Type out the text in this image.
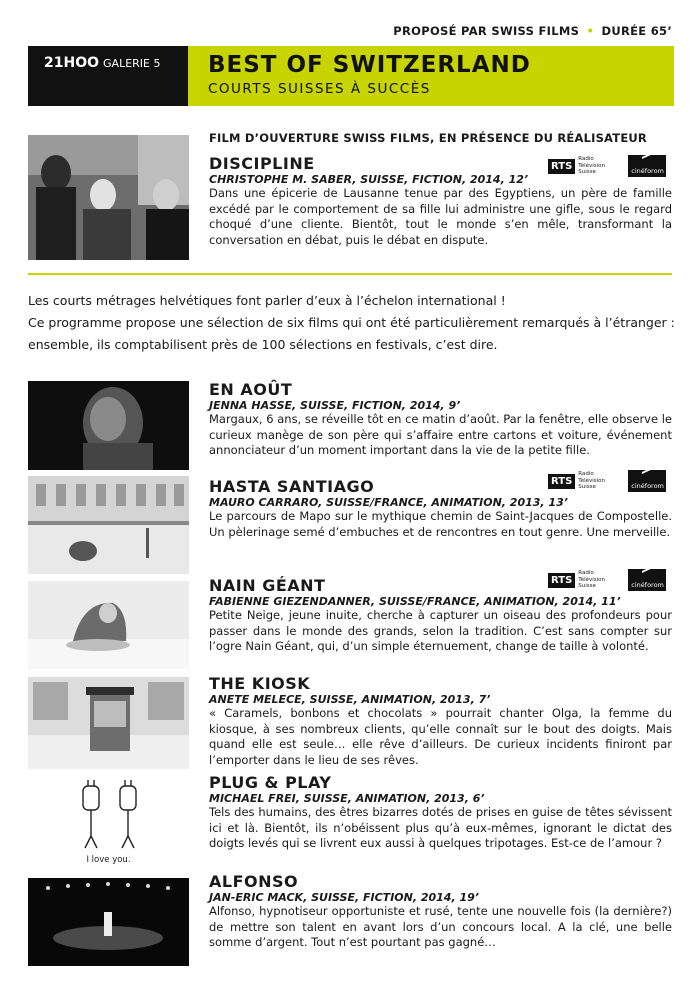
PROPOSÉ PAR SWISS FILMS • DURÉE 65’
21HOO GALERIE 5 BEST OF SWITZERLAND
COURTS SUISSES À SUCCÈS
FILM D’OUVERTURE SWISS FILMS, EN PRÉSENCE DU RÉALISATEUR
DISCIPLINE
CHRISTOPHE M. SABER, SUISSE, FICTION, 2014, 12’
Dans une épicerie de Lausanne tenue par des Egyptiens, un père de famille excédé par le comportement de sa fille lui administre une gifle, sous le regard choqué d’une cliente. Bientôt, tout le monde s’en mêle, transformant la conversation en débat, puis le débat en dispute.
RTS
Radio Télévision Suisse	cinéforom

Les courts métrages helvétiques font parler d’eux à l’échelon international !

Ce programme propose une sélection de six films qui ont été particulièrement remarqués à l’étranger : ensemble, ils comptabilisent près de 100 sélections en festivals, c’est dire.

I love you.
EN AOÛT
JENNA HASSE, SUISSE, FICTION, 2014, 9’
Margaux, 6 ans, se réveille tôt en ce matin d’août. Par la fenêtre, elle observe le curieux manège de son père qui s’affaire entre cartons et voiture, événement annonciateur d’un moment important dans la vie de la petite fille.
HASTA SANTIAGO
MAURO CARRARO, SUISSE/FRANCE, ANIMATION, 2013, 13’
Le parcours de Mapo sur le mythique chemin de Saint-Jacques de Compostelle. Un pèlerinage semé d’embuches et de rencontres en tout genre. Une merveille.
RTS
Radio Télévision Suisse	cinéforom
NAIN GÉANT
FABIENNE GIEZENDANNER, SUISSE/FRANCE, ANIMATION, 2014, 11’
Petite Neige, jeune inuite, cherche à capturer un oiseau des profondeurs pour passer dans le monde des grands, selon la tradition. C’est sans compter sur l’ogre Nain Géant, qui, d’un simple éternuement, change de taille à volonté.
RTS
Radio Télévision Suisse	cinéforom
THE KIOSK
ANETE MELECE, SUISSE, ANIMATION, 2013, 7’
« Caramels, bonbons et chocolats » pourrait chanter Olga, la femme du kiosque, à ses nombreux clients, qu’elle connaît sur le bout des doigts. Mais quand elle est seule… elle rêve d’ailleurs. De curieux incidents finiront par l’emporter dans le lieu de ses rêves.
PLUG & PLAY
MICHAEL FREI, SUISSE, ANIMATION, 2013, 6’
Tels des humains, des êtres bizarres dotés de prises en guise de têtes sévissent ici et là. Bientôt, ils n’obéissent plus qu’à eux-mêmes, ignorant le dictat des doigts levés qui se livrent eux aussi à quelques tripotages. Est-ce de l’amour ?
ALFONSO
JAN-ERIC MACK, SUISSE, FICTION, 2014, 19’
Alfonso, hypnotiseur opportuniste et rusé, tente une nouvelle fois (la dernière?) de mettre son talent en avant lors d’un concours local. A la clé, une belle somme d’argent. Tout n’est pourtant pas gagné…
